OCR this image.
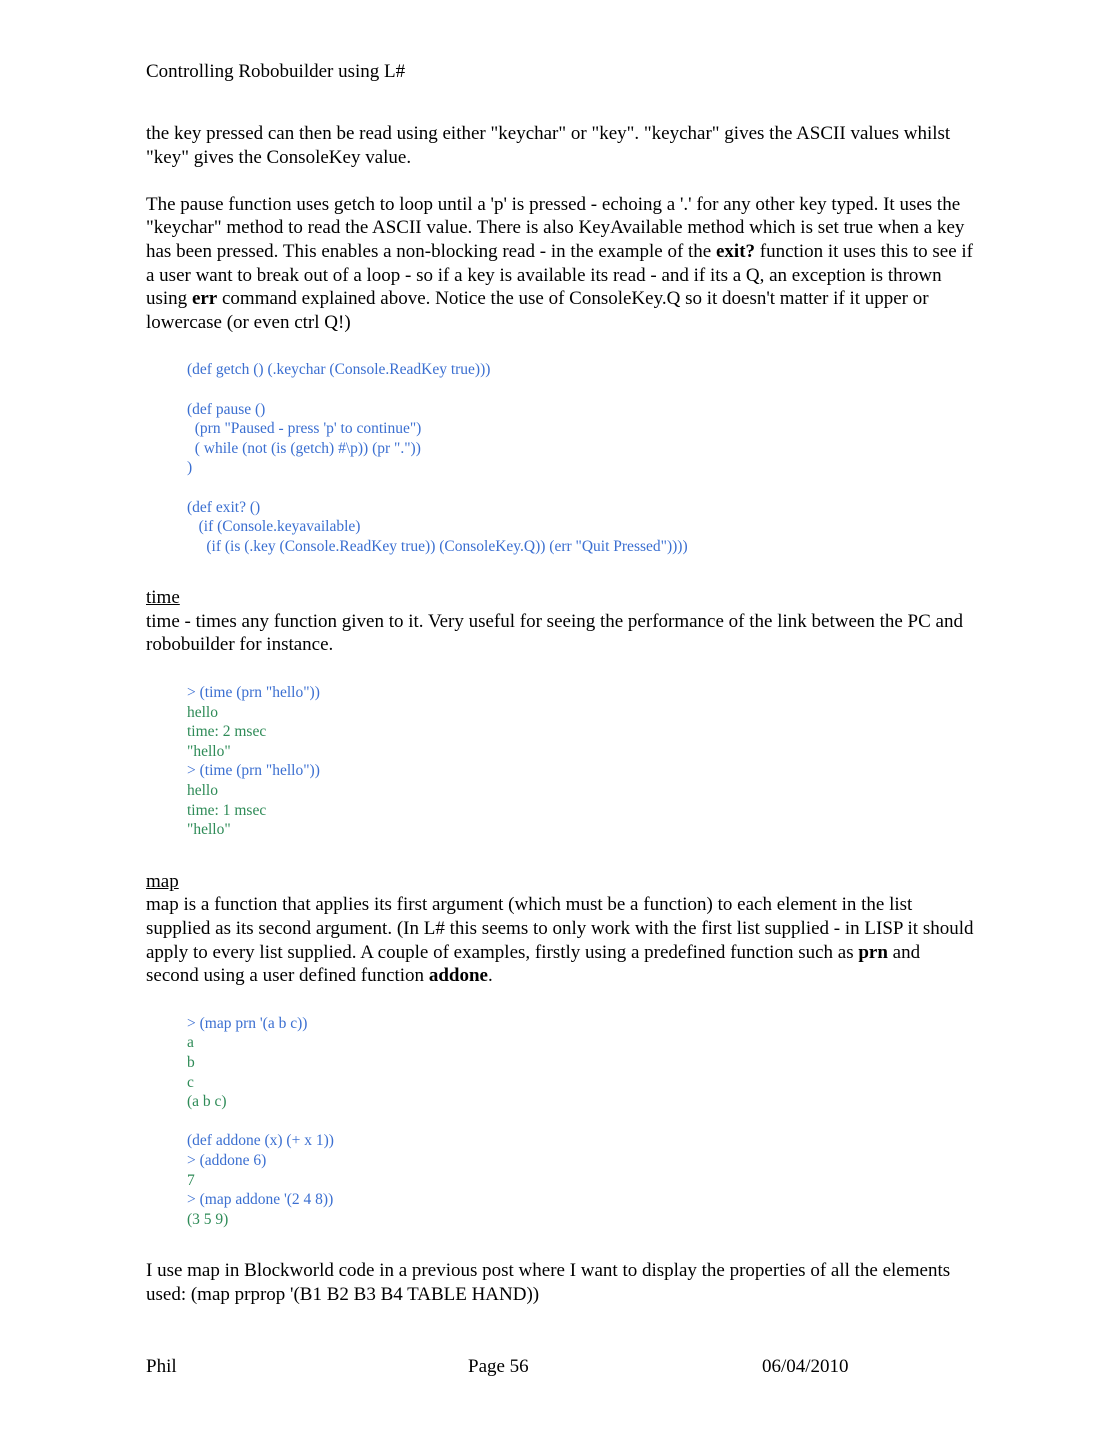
Controlling Robobuilder using L#

the key pressed can then be read using either "keychar" or "key". "keychar" gives the ASCII values whilst "key" gives the ConsoleKey value.

The pause function uses getch to loop until a 'p' is pressed - echoing a '.' for any other key typed. It uses the "keychar" method to read the ASCII value. There is also KeyAvailable method which is set true when a key has been pressed. This enables a non-blocking read - in the example of the exit? function it uses this to see if a user want to break out of a loop - so if a key is available its read - and if its a Q, an exception is thrown using err command explained above. Notice the use of ConsoleKey.Q so it doesn't matter if it upper or lowercase (or even ctrl Q!)

(def getch () (.keychar (Console.ReadKey true)))
(def pause ()
(prn "Paused - press 'p' to continue")
( while (not (is (getch) #\p)) (pr "."))
)
(def exit? ()
(if (Console.keyavailable)
(if (is (.key (Console.ReadKey true)) (ConsoleKey.Q)) (err "Quit Pressed"))))

time

time - times any function given to it. Very useful for seeing the performance of the link between the PC and robobuilder for instance.

> (time (prn "hello"))
hello
time: 2 msec
"hello"
> (time (prn "hello"))
hello
time: 1 msec
"hello"

map

map is a function that applies its first argument (which must be a function) to each element in the list supplied as its second argument. (In L# this seems to only work with the first list supplied - in LISP it should apply to every list supplied. A couple of examples, firstly using a predefined function such as prn and second using a user defined function addone.

> (map prn '(a b c))
a
b
c
(a b c)
(def addone (x) (+ x 1))
> (addone 6)
7
> (map addone '(2 4 8))
(3 5 9)

I use map in Blockworld code in a previous post where I want to display the properties of all the elements used: (map prprop '(B1 B2 B3 B4 TABLE HAND))

Phil	Page 56	06/04/2010
